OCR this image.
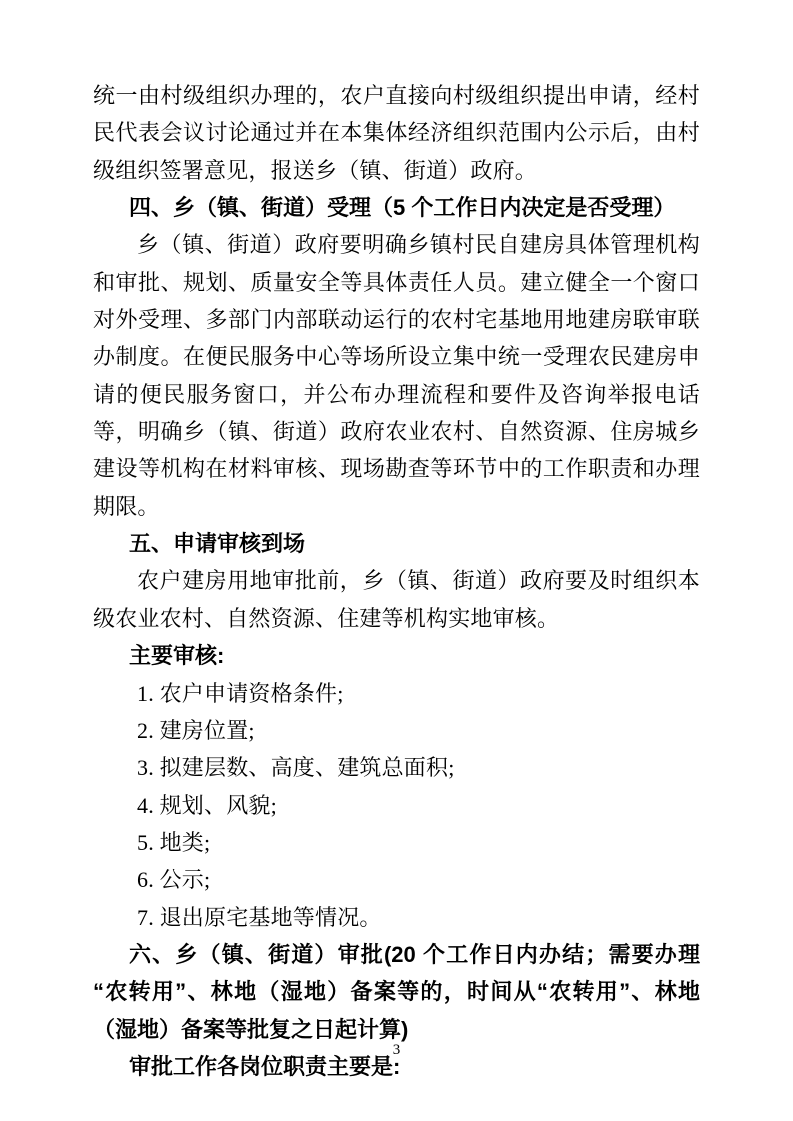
统一由村级组织办理的，农户直接向村级组织提出申请，经村民代表会议讨论通过并在本集体经济组织范围内公示后，由村级组织签署意见，报送乡（镇、街道）政府。

四、乡（镇、街道）受理（5 个工作日内决定是否受理）

乡（镇、街道）政府要明确乡镇村民自建房具体管理机构和审批、规划、质量安全等具体责任人员。建立健全一个窗口对外受理、多部门内部联动运行的农村宅基地用地建房联审联办制度。在便民服务中心等场所设立集中统一受理农民建房申请的便民服务窗口，并公布办理流程和要件及咨询举报电话等，明确乡（镇、街道）政府农业农村、自然资源、住房城乡建设等机构在材料审核、现场勘查等环节中的工作职责和办理期限。

五、申请审核到场

农户建房用地审批前，乡（镇、街道）政府要及时组织本级农业农村、自然资源、住建等机构实地审核。

主要审核:

1. 农户申请资格条件;

2. 建房位置;

3. 拟建层数、高度、建筑总面积;

4. 规划、风貌;

5. 地类;

6. 公示;

7. 退出原宅基地等情况。

六、乡（镇、街道）审批(20 个工作日内办结；需要办理“农转用”、林地（湿地）备案等的，时间从“农转用”、林地（湿地）备案等批复之日起计算)

审批工作各岗位职责主要是:

3
